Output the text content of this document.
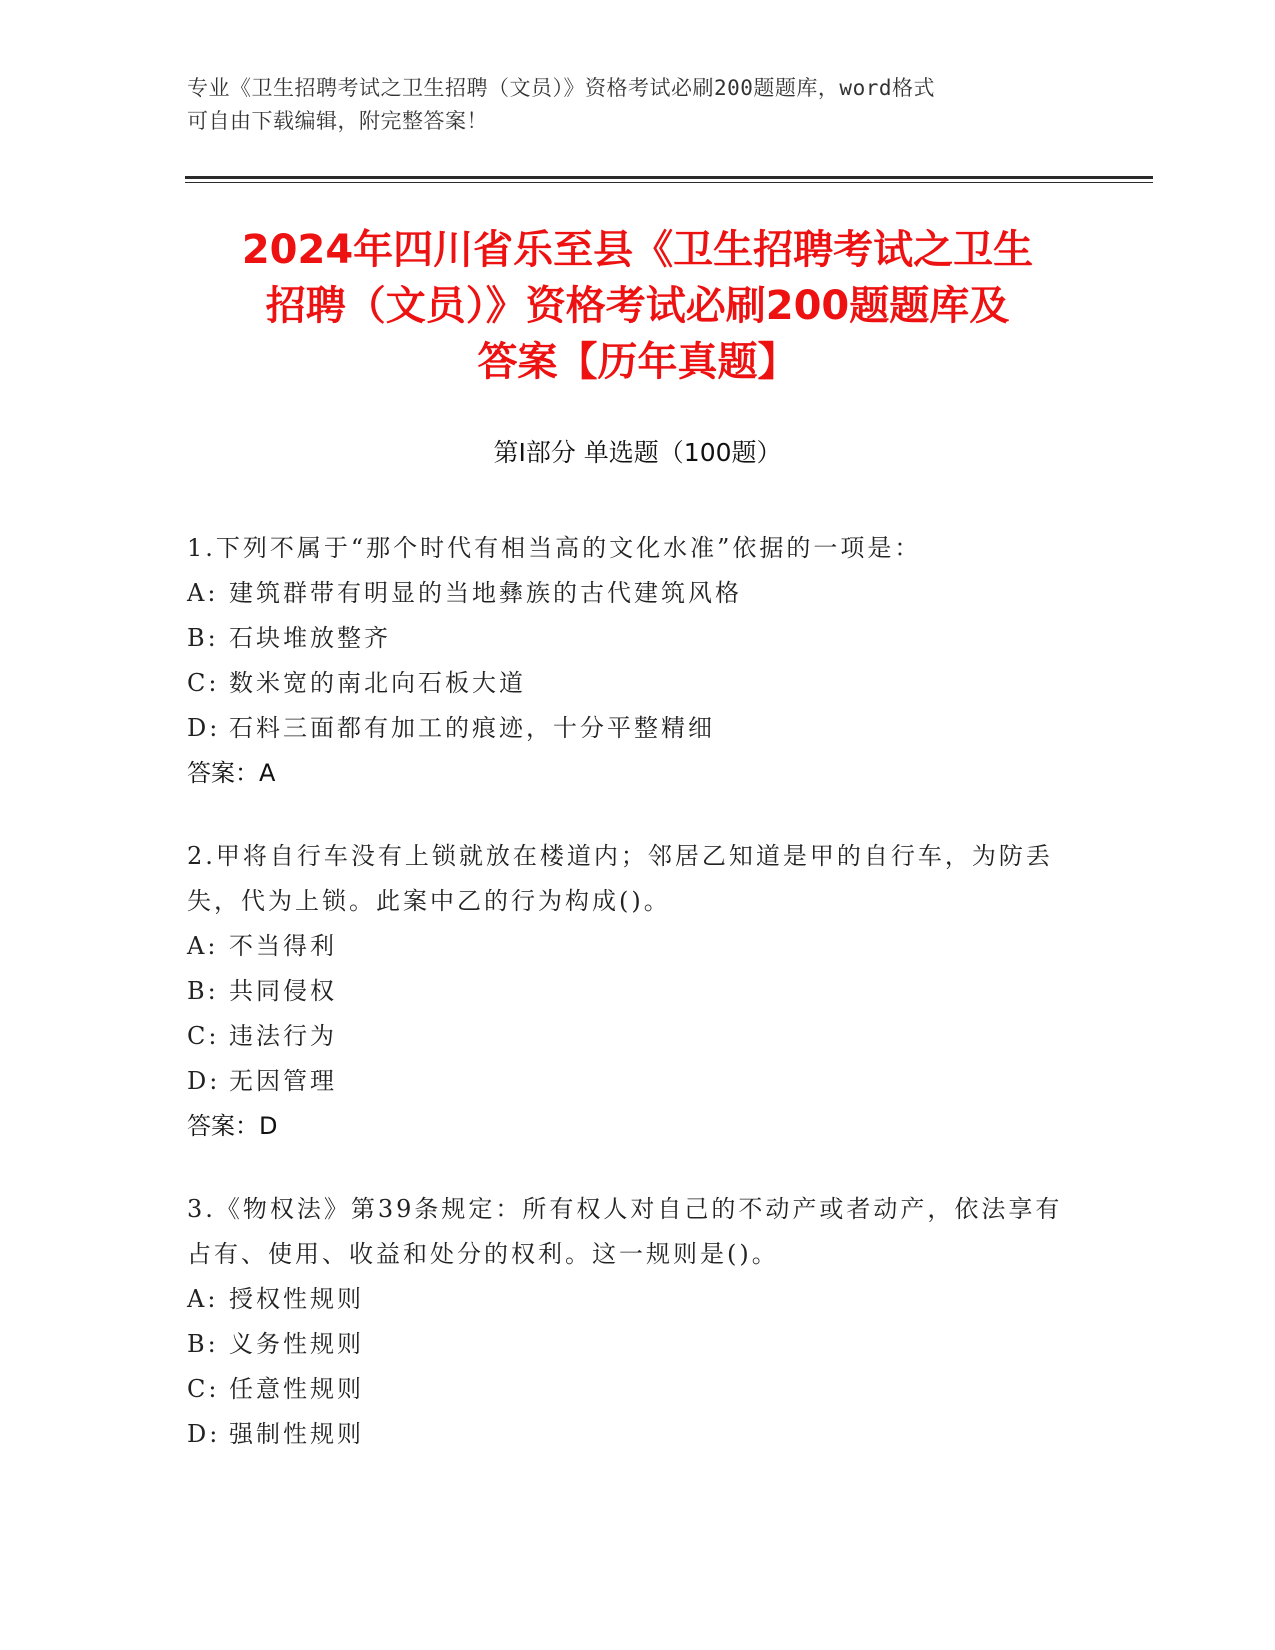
专业《卫生招聘考试之卫生招聘（文员）》资格考试必刷200题题库，word格式
可自由下载编辑，附完整答案！
2024年四川省乐至县《卫生招聘考试之卫生
招聘（文员）》资格考试必刷200题题库及
答案【历年真题】
第Ⅰ部分 单选题（100题）
1.下列不属于“那个时代有相当高的文化水准”依据的一项是：
A: 建筑群带有明显的当地彝族的古代建筑风格
B: 石块堆放整齐
C: 数米宽的南北向石板大道
D: 石料三面都有加工的痕迹，十分平整精细
答案：A
2.甲将自行车没有上锁就放在楼道内；邻居乙知道是甲的自行车，为防丢失，代为上锁。此案中乙的行为构成()。
A: 不当得利
B: 共同侵权
C: 违法行为
D: 无因管理
答案：D
3.《物权法》第39条规定：所有权人对自己的不动产或者动产，依法享有占有、使用、收益和处分的权利。这一规则是()。
A: 授权性规则
B: 义务性规则
C: 任意性规则
D: 强制性规则
